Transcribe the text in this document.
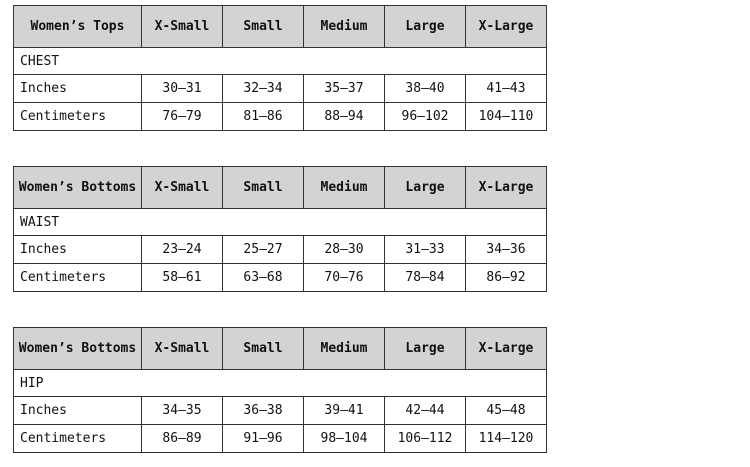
Women’s Tops	X-Small	Small	Medium	Large	X-Large
CHEST					
Inches	30–31	32–34	35–37	38–40	41–43
Centimeters	76–79	81–86	88–94	96–102	104–110
Women’s Bottoms	X-Small	Small	Medium	Large	X-Large
WAIST					
Inches	23–24	25–27	28–30	31–33	34–36
Centimeters	58–61	63–68	70–76	78–84	86–92
Women’s Bottoms	X-Small	Small	Medium	Large	X-Large
HIP					
Inches	34–35	36–38	39–41	42–44	45–48
Centimeters	86–89	91–96	98–104	106–112	114–120
